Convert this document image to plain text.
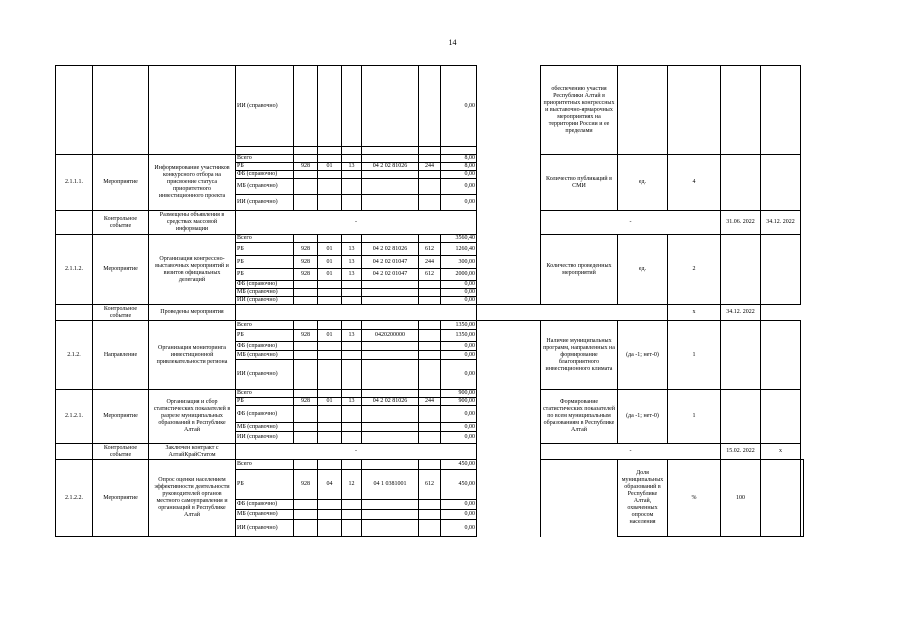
14
			ИИ (справочно)						0,00		обеспечению участия Республики Алтай в приоритетных конгрессных и выставочно-ярмарочных мероприятиях на территории России и ее пределами					

2.1.1.1.	Мероприятие	Информирование участников конкурсного отбора на присвоение статуса приоритетного инвестиционного проекта	Всего						8,00		Количество публикаций в СМИ	ед.	4			
			РБ	928	01	13	04 2 02 81026	244	8,00							
			ФБ (справочно)						0,00							
			МБ (справочно)						0,00							
			ИИ (справочно)						0,00							
	Контрольное событие	Размещены объявления в средствах массовой информации	-								-			31.06. 2022	34.12. 2022	
2.1.1.2.	Мероприятие	Организация конгрессно-выставочных мероприятий и визитов официальных делегаций	Всего						3560,40		Количество проведенных мероприятий	ед.	2			
			РБ	928	01	13	04 2 02 81026	612	1260,40							
			РБ	928	01	13	04 2 02 01047	244	300,00							
			РБ	928	01	13	04 2 02 01047	612	2000,00							
			ФБ (справочно)						0,00							
			МБ (справочно)						0,00							
			ИИ (справочно)						0,00							
	Контрольное событие	Проведены мероприятия											x	34.12. 2022		
2.1.2.	Направление	Организация мониторинга инвестиционной привлекательности региона	Всего						1350,00		Наличие муниципальных программ, направленных на формирование благоприятного инвестиционного климата	(да -1; нет-0)	1			
			РБ	928	01	13	0420200000		1350,00							
			ФБ (справочно)						0,00							
			МБ (справочно)						0,00							
			ИИ (справочно)						0,00							
2.1.2.1.	Мероприятие	Организация и сбор статистических показателей в разрезе муниципальных образований в Республике Алтай	Всего						900,00		Формирование статистических показателей по всем муниципальным образованиям в Республике Алтай	(да -1; нет-0)	1			
			РБ	928	01	13	04 2 02 81026	244	900,00							
			ФБ (справочно)						0,00							
			МБ (справочно)						0,00							
			ИИ (справочно)						0,00							
	Контрольное событие	Заключен контракт с АлтайКрайСтатом	-								-			15.02. 2022	x	
2.1.2.2.	Мероприятие	Опрос оценки населением эффективности деятельности руководителей органов местного самоуправления и организаций в Республике Алтай	Всего						450,00			Доля муниципальных образований в Республике Алтай, охваченных опросом населения	%	100		
			РБ	928	04	12	04 1 0381001	612	450,00							
			ФБ (справочно)						0,00							
			МБ (справочно)						0,00							
			ИИ (справочно)						0,00							
